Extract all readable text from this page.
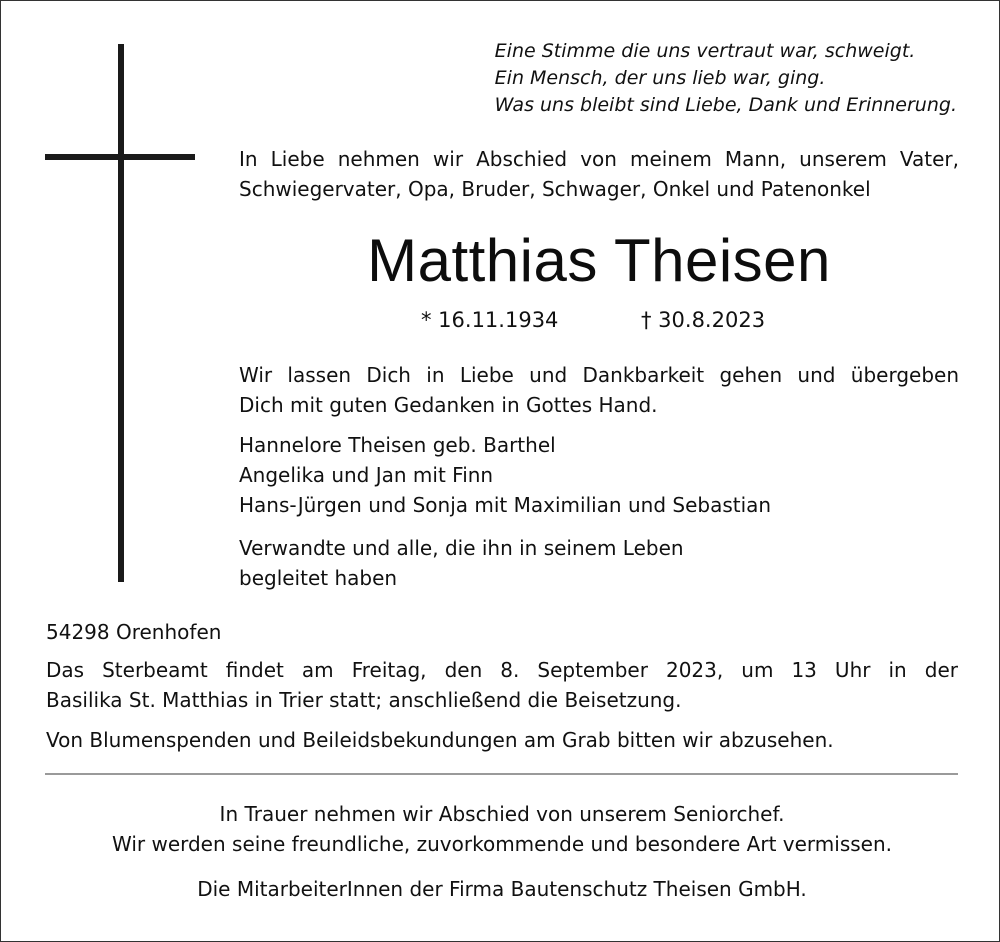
Eine Stimme die uns vertraut war, schweigt.
Ein Mensch, der uns lieb war, ging.
Was uns bleibt sind Liebe, Dank und Erinnerung.
In Liebe nehmen wir Abschied von meinem Mann, unserem Vater,
Schwiegervater, Opa, Bruder, Schwager, Onkel und Patenonkel
Matthias Theisen
* 16.11.1934	† 30.8.2023
Wir lassen Dich in Liebe und Dankbarkeit gehen und übergeben
Dich mit guten Gedanken in Gottes Hand.
Hannelore Theisen geb. Barthel
Angelika und Jan mit Finn
Hans-Jürgen und Sonja mit Maximilian und Sebastian
Verwandte und alle, die ihn in seinem Leben
begleitet haben
54298 Orenhofen
Das Sterbeamt findet am Freitag, den 8. September 2023, um 13 Uhr in der
Basilika St. Matthias in Trier statt; anschließend die Beisetzung.
Von Blumenspenden und Beileidsbekundungen am Grab bitten wir abzusehen.
In Trauer nehmen wir Abschied von unserem Seniorchef.
Wir werden seine freundliche, zuvorkommende und besondere Art vermissen.
Die MitarbeiterInnen der Firma Bautenschutz Theisen GmbH.
